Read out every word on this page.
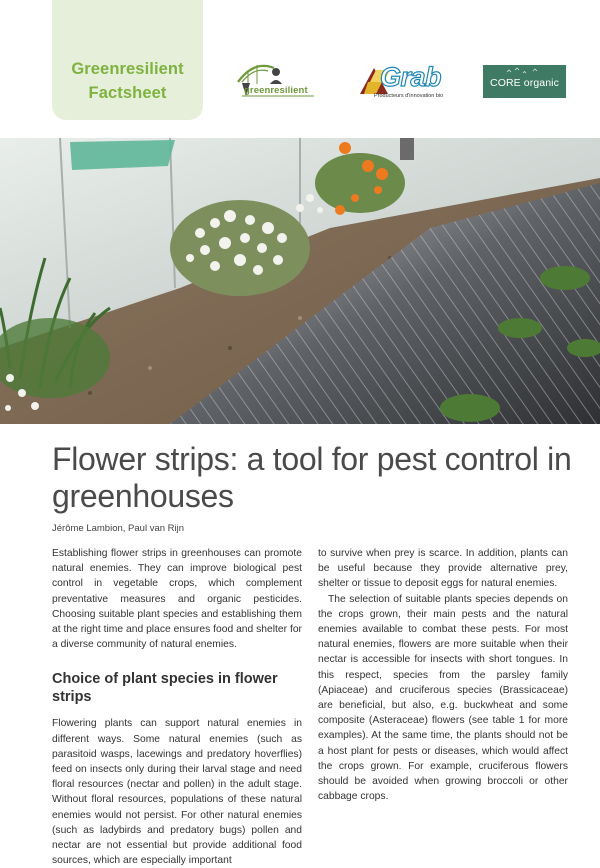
Greenresilient
Factsheet	greenresilient	Grab
Producteurs d'innovation bio
CORE organic
Flower strips: a tool for pest control in greenhouses
Jérôme Lambion, Paul van Rijn

Establishing flower strips in greenhouses can promote natural enemies. They can improve biological pest control in vegetable crops, which complement preventative measures and organic pesticides. Choosing suitable plant species and establishing them at the right time and place ensures food and shelter for a diverse community of natural enemies.

Choice of plant species in flower strips

Flowering plants can support natural enemies in different ways. Some natural enemies (such as parasitoid wasps, lacewings and predatory hoverflies) feed on insects only during their larval stage and need floral resources (nectar and pollen) in the adult stage. Without floral resources, populations of these natural enemies would not persist. For other natural enemies (such as ladybirds and predatory bugs) pollen and nectar are not essential but provide additional food sources, which are especially important

to survive when prey is scarce. In addition, plants can be useful because they provide alternative prey, shelter or tissue to deposit eggs for natural enemies.

The selection of suitable plants species depends on the crops grown, their main pests and the natural enemies available to combat these pests. For most natural enemies, flowers are more suitable when their nectar is accessible for insects with short tongues. In this respect, species from the parsley family (Apiaceae) and cruciferous species (Brassicaceae) are beneficial, but also, e.g. buckwheat and some composite (Asteraceae) flowers (see table 1 for more examples). At the same time, the plants should not be a host plant for pests or diseases, which would affect the crops grown. For example, cruciferous flowers should be avoided when growing broccoli or other cabbage crops.
